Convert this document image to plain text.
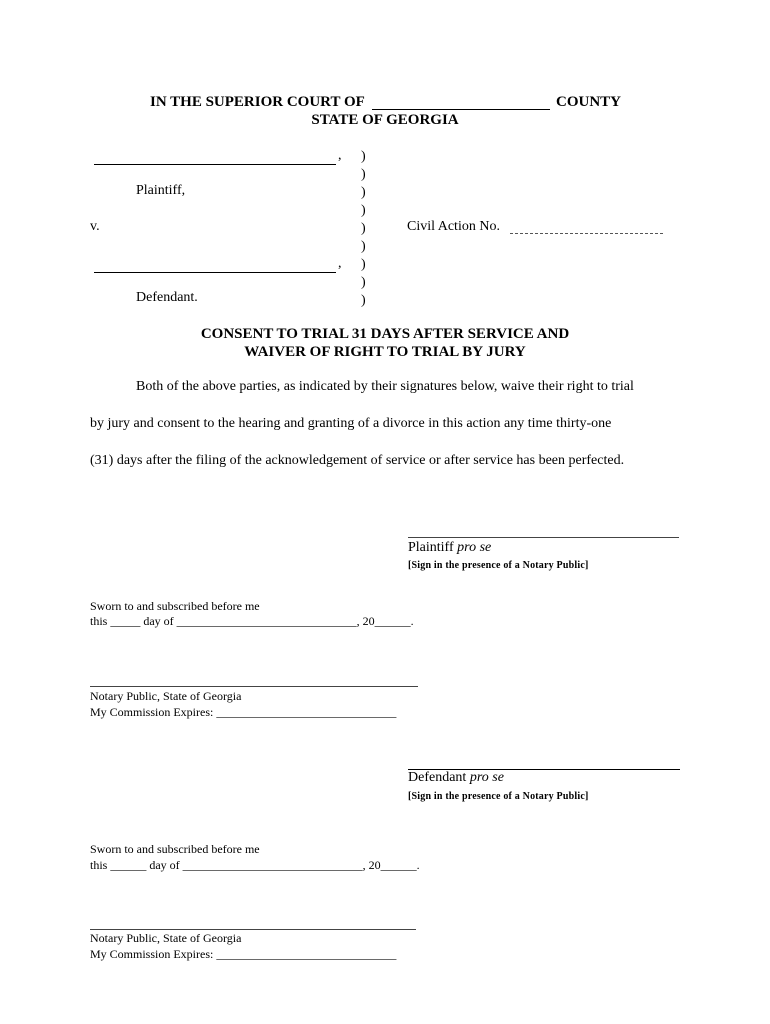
IN THE SUPERIOR COURT OF	COUNTY
STATE OF GEORGIA
,
Plaintiff,
v.
,
Defendant.
)
)
)
)
)
)
)
)
)
Civil Action No.
CONSENT TO TRIAL 31 DAYS AFTER SERVICE AND
WAIVER OF RIGHT TO TRIAL BY JURY
Both of the above parties, as indicated by their signatures below, waive their right to trial
by jury and consent to the hearing and granting of a divorce in this action any time thirty-one
(31) days after the filing of the acknowledgement of service or after service has been perfected.
Plaintiff pro se
[Sign in the presence of a Notary Public]
Sworn to and subscribed before me
this _____ day of ______________________________, 20______.
Notary Public, State of Georgia
My Commission Expires: ______________________________
Defendant pro se
[Sign in the presence of a Notary Public]
Sworn to and subscribed before me
this ______ day of ______________________________, 20______.
Notary Public, State of Georgia
My Commission Expires: ______________________________
